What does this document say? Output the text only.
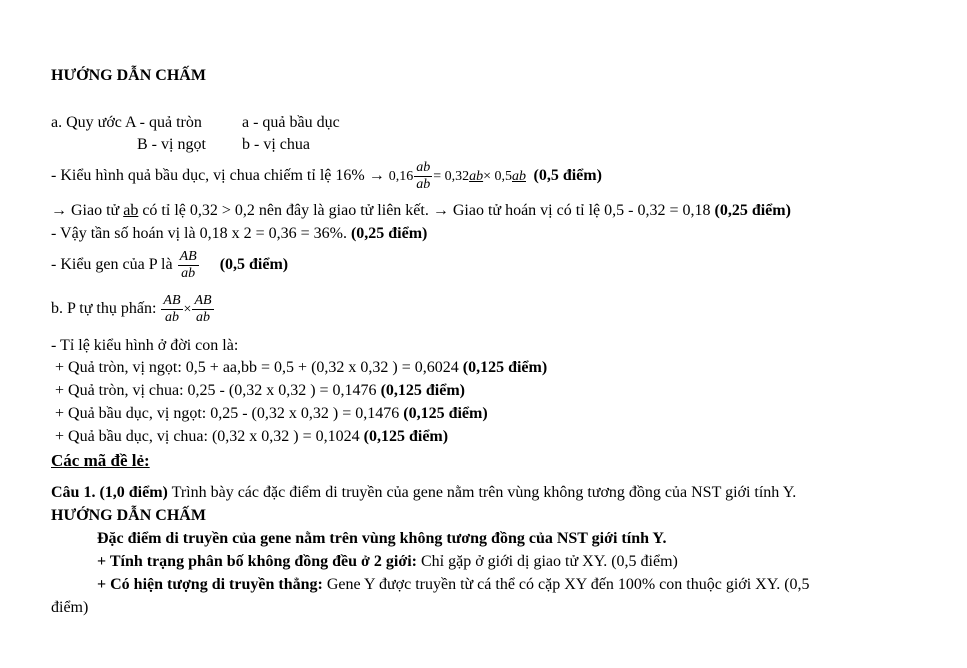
HƯỚNG DẪN CHẤM
a. Quy ước A - quả tròn	a - quả bầu dục
B - vị ngọt b - vị chua
- Kiểu hình quả bầu dục, vị chua chiếm tỉ lệ $16\% \to 0,16 \frac{ab}{ab} = 0,32ab\times 0,5ab$ (0,5 điểm)
→ Giao tử ab có tỉ lệ 0,32 > 0,2 nên đây là giao tử liên kết. → Giao tử hoán vị có tỉ lệ 0,5 - 0,32 = 0,18 (0,25 điểm)
- Vậy tần số hoán vị là 0,18 x 2 = 0,36 = 36%. (0,25 điểm)
- Kiểu gen của P là $\frac{AB}{ab} (0,5$ điểm)
b. P tự thụ phấn: $\frac{AB}{ab} \times \frac{AB}{ab}$
- Tỉ lệ kiểu hình ở đời con là:
+ Quả tròn, vị ngọt: 0,5 + aa,bb = 0,5 + (0,32 x 0,32 ) = 0,6024 (0,125 điểm)
+ Quả tròn, vị chua: 0,25 - (0,32 x 0,32 ) = 0,1476 (0,125 điểm)
+ Quả bầu dục, vị ngọt: 0,25 - (0,32 x 0,32 ) = 0,1476 (0,125 điểm)
+ Quả bầu dục, vị chua: (0,32 x 0,32 ) = 0,1024 (0,125 điểm)
Các mã đề lẻ:
Câu 1. (1,0 điểm) Trình bày các đặc điểm di truyền của gene nằm trên vùng không tương đồng của NST giới tính Y.
HƯỚNG DẪN CHẤM
Đặc điểm di truyền của gene nằm trên vùng không tương đồng của NST giới tính Y.
+ Tính trạng phân bố không đồng đều ở 2 giới: Chỉ gặp ở giới dị giao tử XY. (0,5 điểm)
+ Có hiện tượng di truyền thẳng: Gene Y được truyền từ cá thể có cặp XY đến 100% con thuộc giới XY. (0,5
điểm)
